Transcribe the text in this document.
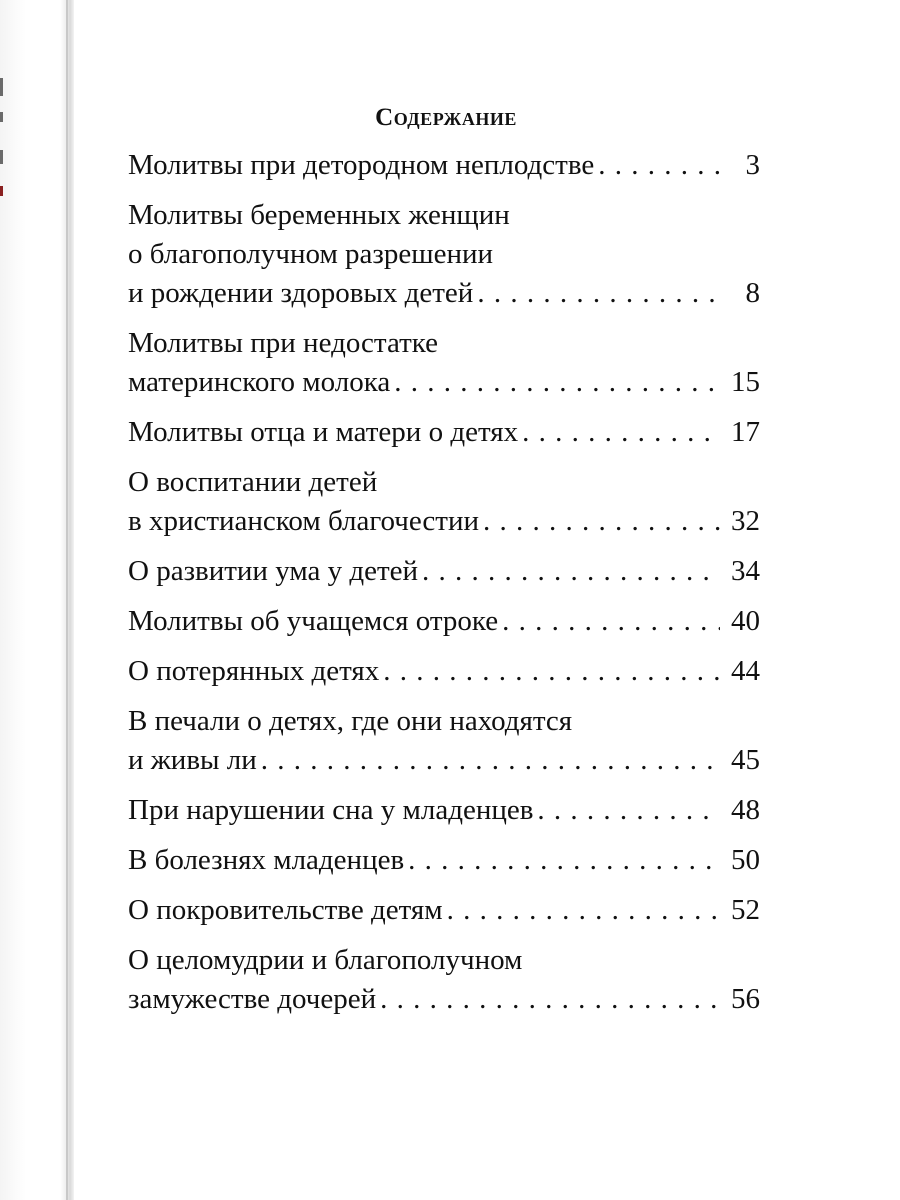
Содержание
Молитвы при детородном неплодстве . . .	3
Молитвы беременных женщин
о благополучном разрешении
и рождении здоровых детей . . .	8
Молитвы при недостатке
материнского молока . . .	15
Молитвы отца и матери о детях . . .	17
О воспитании детей
в христианском благочестии . . .	32
О развитии ума у детей . . .	34
Молитвы об учащемся отроке . . .	40
О потерянных детях . . .	44
В печали о детях, где они находятся
и живы ли . . .	45
При нарушении сна у младенцев . . .	48
В болезнях младенцев . . .	50
О покровительстве детям . . .	52
О целомудрии и благополучном
замужестве дочерей . . .	56
